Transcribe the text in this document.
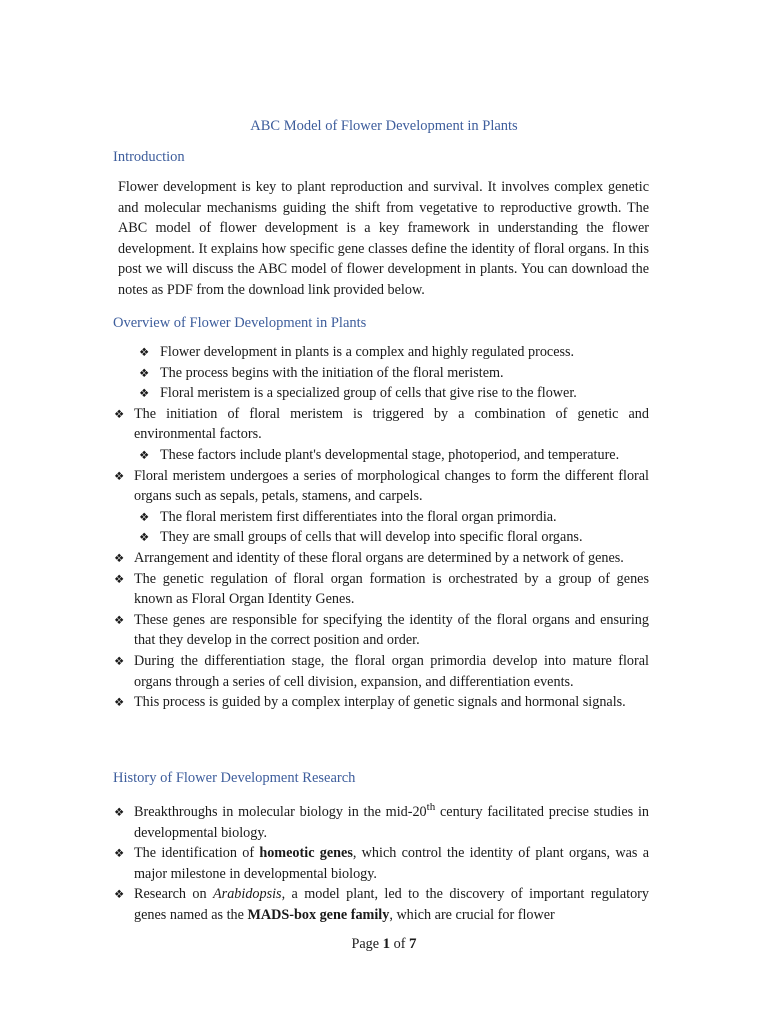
ABC Model of Flower Development in Plants
Introduction

Flower development is key to plant reproduction and survival. It involves complex genetic and molecular mechanisms guiding the shift from vegetative to reproductive growth. The ABC model of flower development is a key framework in understanding the flower development. It explains how specific gene classes define the identity of floral organs. In this post we will discuss the ABC model of flower development in plants. You can download the notes as PDF from the download link provided below.

Overview of Flower Development in Plants
❖ Flower development in plants is a complex and highly regulated process.
❖ The process begins with the initiation of the floral meristem.
❖ Floral meristem is a specialized group of cells that give rise to the flower.
❖ The initiation of floral meristem is triggered by a combination of genetic and environmental factors.
❖ These factors include plant's developmental stage, photoperiod, and temperature.
❖ Floral meristem undergoes a series of morphological changes to form the different floral organs such as sepals, petals, stamens, and carpels.
❖ The floral meristem first differentiates into the floral organ primordia.
❖ They are small groups of cells that will develop into specific floral organs.
❖ Arrangement and identity of these floral organs are determined by a network of genes.
❖ The genetic regulation of floral organ formation is orchestrated by a group of genes known as Floral Organ Identity Genes.
❖ These genes are responsible for specifying the identity of the floral organs and ensuring that they develop in the correct position and order.
❖ During the differentiation stage, the floral organ primordia develop into mature floral organs through a series of cell division, expansion, and differentiation events.
❖ This process is guided by a complex interplay of genetic signals and hormonal signals.
History of Flower Development Research
❖ Breakthroughs in molecular biology in the mid-20th century facilitated precise studies in developmental biology.
❖ The identification of homeotic genes, which control the identity of plant organs, was a major milestone in developmental biology.
❖ Research on Arabidopsis, a model plant, led to the discovery of important regulatory genes named as the MADS-box gene family, which are crucial for flower
Page 1 of 7
